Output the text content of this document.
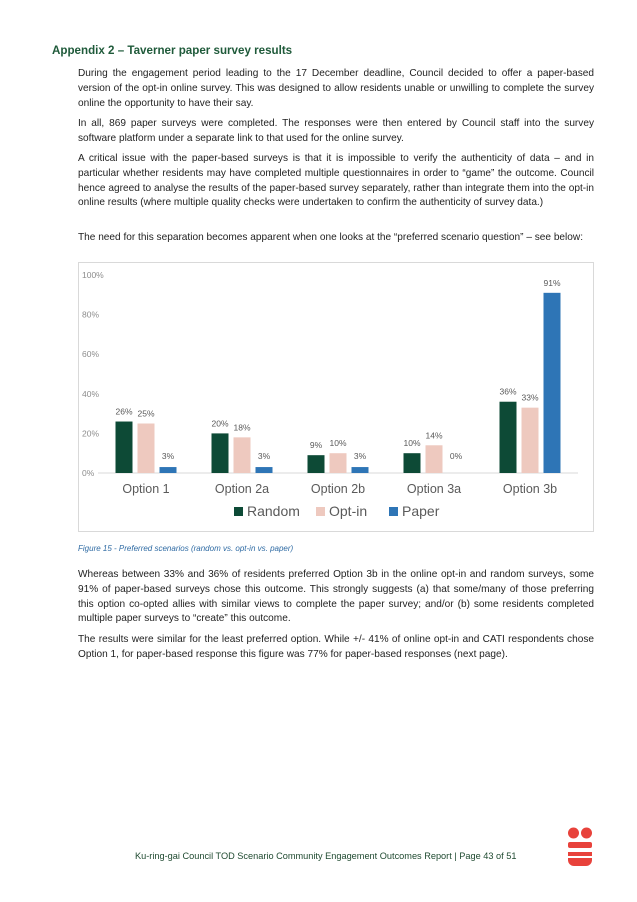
Appendix 2 – Taverner paper survey results

During the engagement period leading to the 17 December deadline, Council decided to offer a paper-based version of the opt-in online survey. This was designed to allow residents unable or unwilling to complete the survey online the opportunity to have their say.

In all, 869 paper surveys were completed. The responses were then entered by Council staff into the survey software platform under a separate link to that used for the online survey.

A critical issue with the paper-based surveys is that it is impossible to verify the authenticity of data – and in particular whether residents may have completed multiple questionnaires in order to “game” the outcome. Council hence agreed to analyse the results of the paper-based survey separately, rather than integrate them into the opt-in online results (where multiple quality checks were undertaken to confirm the authenticity of survey data.)

The need for this separation becomes apparent when one looks at the “preferred scenario question” – see below:

0%
20%
40%
60%
80%
100%
26% 25%
3%
20% 18%
3%
9% 10%
3%
10%
14%
0%
36%
33%
91%
Option 1	Option 2a	Option 2b	Option 3a	Option 3b
Random Opt-in Paper
Figure 15 - Preferred scenarios (random vs. opt-in vs. paper)

Whereas between 33% and 36% of residents preferred Option 3b in the online opt-in and random surveys, some 91% of paper-based surveys chose this outcome. This strongly suggests (a) that some/many of those preferring this option co-opted allies with similar views to complete the paper survey; and/or (b) some residents completed multiple paper surveys to “create” this outcome.

The results were similar for the least preferred option. While +/- 41% of online opt-in and CATI respondents chose Option 1, for paper-based response this figure was 77% for paper-based responses (next page).

Ku-ring-gai Council TOD Scenario Community Engagement Outcomes Report | Page 43 of 51
